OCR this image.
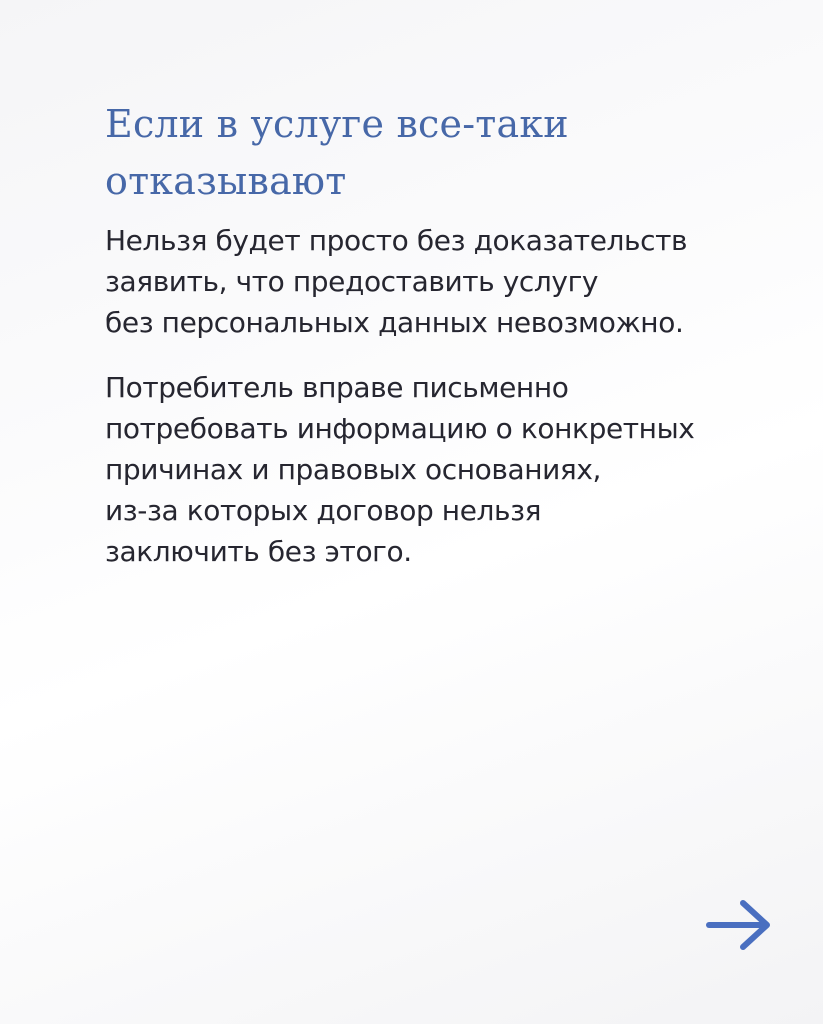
Если в услуге все-таки
отказывают

Нельзя будет просто без доказательств
заявить, что предоставить услугу
без персональных данных невозможно.

Потребитель вправе письменно
потребовать информацию о конкретных
причинах и правовых основаниях,
из-за которых договор нельзя
заключить без этого.
